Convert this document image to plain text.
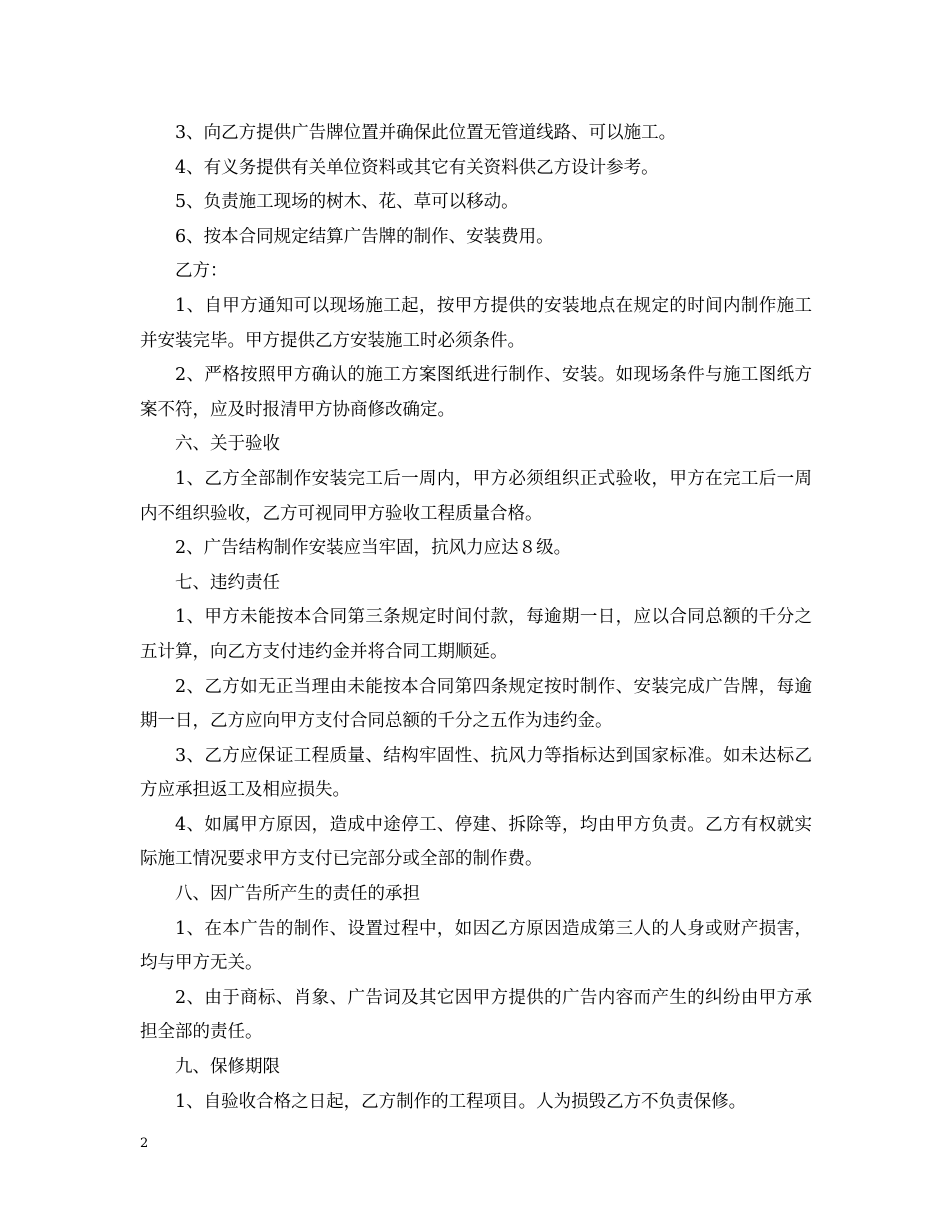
3、向乙方提供广告牌位置并确保此位置无管道线路、可以施工。

4、有义务提供有关单位资料或其它有关资料供乙方设计参考。

5、负责施工现场的树木、花、草可以移动。

6、按本合同规定结算广告牌的制作、安装费用。

乙方：

1、自甲方通知可以现场施工起，按甲方提供的安装地点在规定的时间内制作施工并安装完毕。甲方提供乙方安装施工时必须条件。

2、严格按照甲方确认的施工方案图纸进行制作、安装。如现场条件与施工图纸方案不符，应及时报清甲方协商修改确定。

六、关于验收

1、乙方全部制作安装完工后一周内，甲方必须组织正式验收，甲方在完工后一周内不组织验收，乙方可视同甲方验收工程质量合格。

2、广告结构制作安装应当牢固，抗风力应达８级。

七、违约责任

1、甲方未能按本合同第三条规定时间付款，每逾期一日，应以合同总额的千分之五计算，向乙方支付违约金并将合同工期顺延。

2、乙方如无正当理由未能按本合同第四条规定按时制作、安装完成广告牌，每逾期一日，乙方应向甲方支付合同总额的千分之五作为违约金。

3、乙方应保证工程质量、结构牢固性、抗风力等指标达到国家标准。如未达标乙方应承担返工及相应损失。

4、如属甲方原因，造成中途停工、停建、拆除等，均由甲方负责。乙方有权就实际施工情况要求甲方支付已完部分或全部的制作费。

八、因广告所产生的责任的承担

1、在本广告的制作、设置过程中，如因乙方原因造成第三人的人身或财产损害，均与甲方无关。

2、由于商标、肖象、广告词及其它因甲方提供的广告内容而产生的纠纷由甲方承担全部的责任。

九、保修期限

1、自验收合格之日起，乙方制作的工程项目。人为损毁乙方不负责保修。

2
